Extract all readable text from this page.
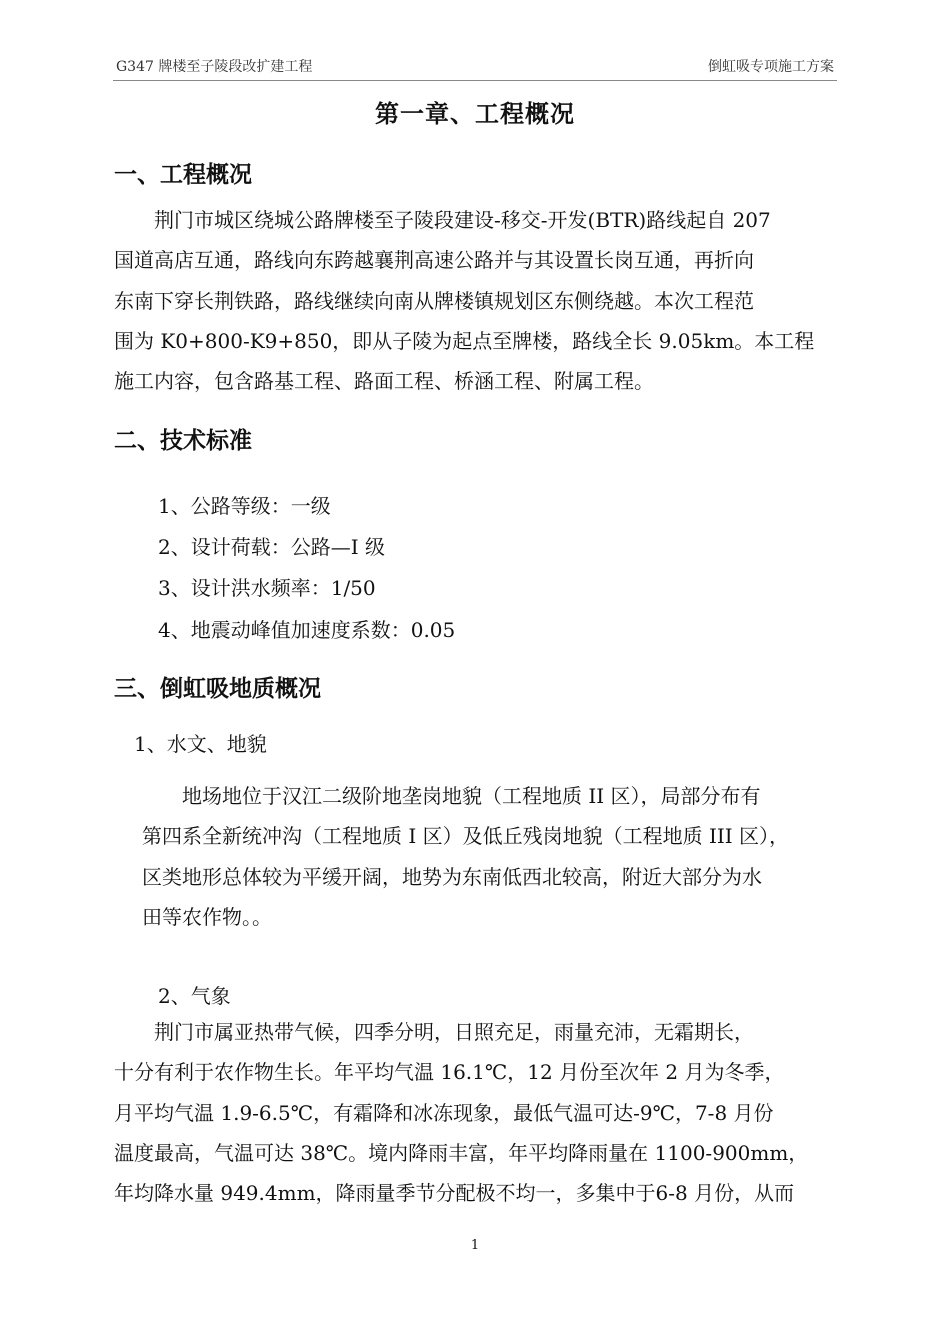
G347 牌楼至子陵段改扩建工程	倒虹吸专项施工方案
第一章、工程概况
一、工程概况
荆门市城区绕城公路牌楼至子陵段建设-移交-开发(BTR)路线起自 207
国道高店互通，路线向东跨越襄荆高速公路并与其设置长岗互通，再折向
东南下穿长荆铁路，路线继续向南从牌楼镇规划区东侧绕越。本次工程范
围为 K0+800-K9+850，即从子陵为起点至牌楼，路线全长 9.05km。本工程
施工内容，包含路基工程、路面工程、桥涵工程、附属工程。
二、技术标准
1、公路等级：一级
2、设计荷载：公路—I 级
3、设计洪水频率：1/50
4、地震动峰值加速度系数：0.05
三、倒虹吸地质概况
1、水文、地貌
地场地位于汉江二级阶地垄岗地貌（工程地质 II 区），局部分布有
第四系全新统冲沟（工程地质 I 区）及低丘残岗地貌（工程地质 III 区），
区类地形总体较为平缓开阔，地势为东南低西北较高，附近大部分为水
田等农作物。。
2、气象
荆门市属亚热带气候，四季分明，日照充足，雨量充沛，无霜期长，
十分有利于农作物生长。年平均气温 16.1℃，12 月份至次年 2 月为冬季，
月平均气温 1.9-6.5℃，有霜降和冰冻现象，最低气温可达-9℃，7-8 月份
温度最高，气温可达 38℃。境内降雨丰富，年平均降雨量在 1100-900mm，
年均降水量 949.4mm，降雨量季节分配极不均一，多集中于6-8 月份，从而
1
